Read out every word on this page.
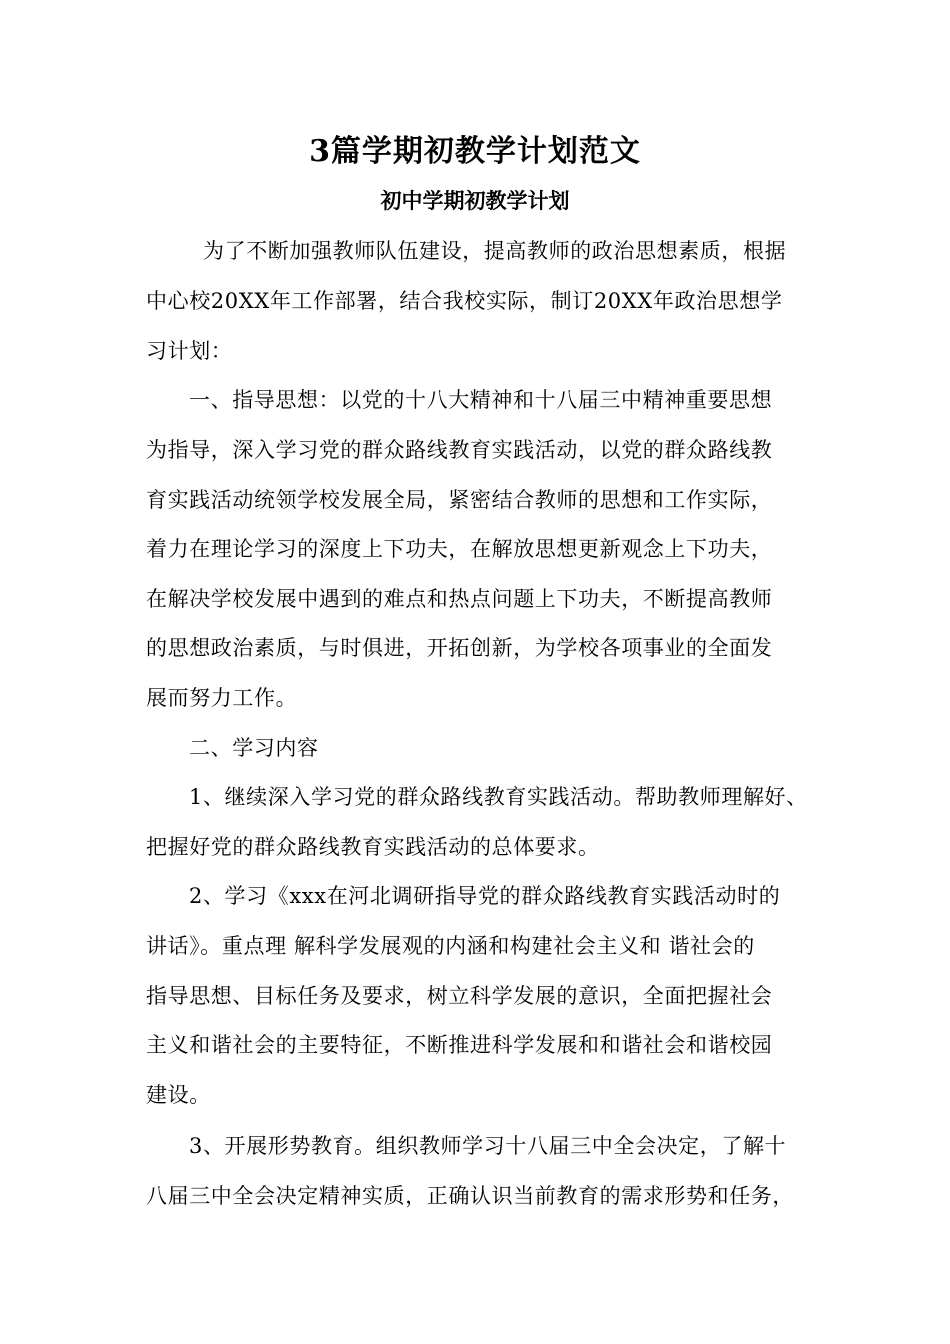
3篇学期初教学计划范文
初中学期初教学计划
为了不断加强教师队伍建设，提高教师的政治思想素质，根据
中心校20XX年工作部署，结合我校实际，制订20XX年政治思想学
习计划：
一、指导思想：以党的十八大精神和十八届三中精神重要思想
为指导，深入学习党的群众路线教育实践活动，以党的群众路线教
育实践活动统领学校发展全局，紧密结合教师的思想和工作实际，
着力在理论学习的深度上下功夫，在解放思想更新观念上下功夫，
在解决学校发展中遇到的难点和热点问题上下功夫，不断提高教师
的思想政治素质，与时俱进，开拓创新，为学校各项事业的全面发
展而努力工作。
二、学习内容
1、继续深入学习党的群众路线教育实践活动。帮助教师理解好、
把握好党的群众路线教育实践活动的总体要求。
2、学习《xxx在河北调研指导党的群众路线教育实践活动时的
讲话》。重点理 解科学发展观的内涵和构建社会主义和 谐社会的
指导思想、目标任务及要求，树立科学发展的意识，全面把握社会
主义和谐社会的主要特征，不断推进科学发展和和谐社会和谐校园
建设。
3、开展形势教育。组织教师学习十八届三中全会决定，了解十
八届三中全会决定精神实质，正确认识当前教育的需求形势和任务，
